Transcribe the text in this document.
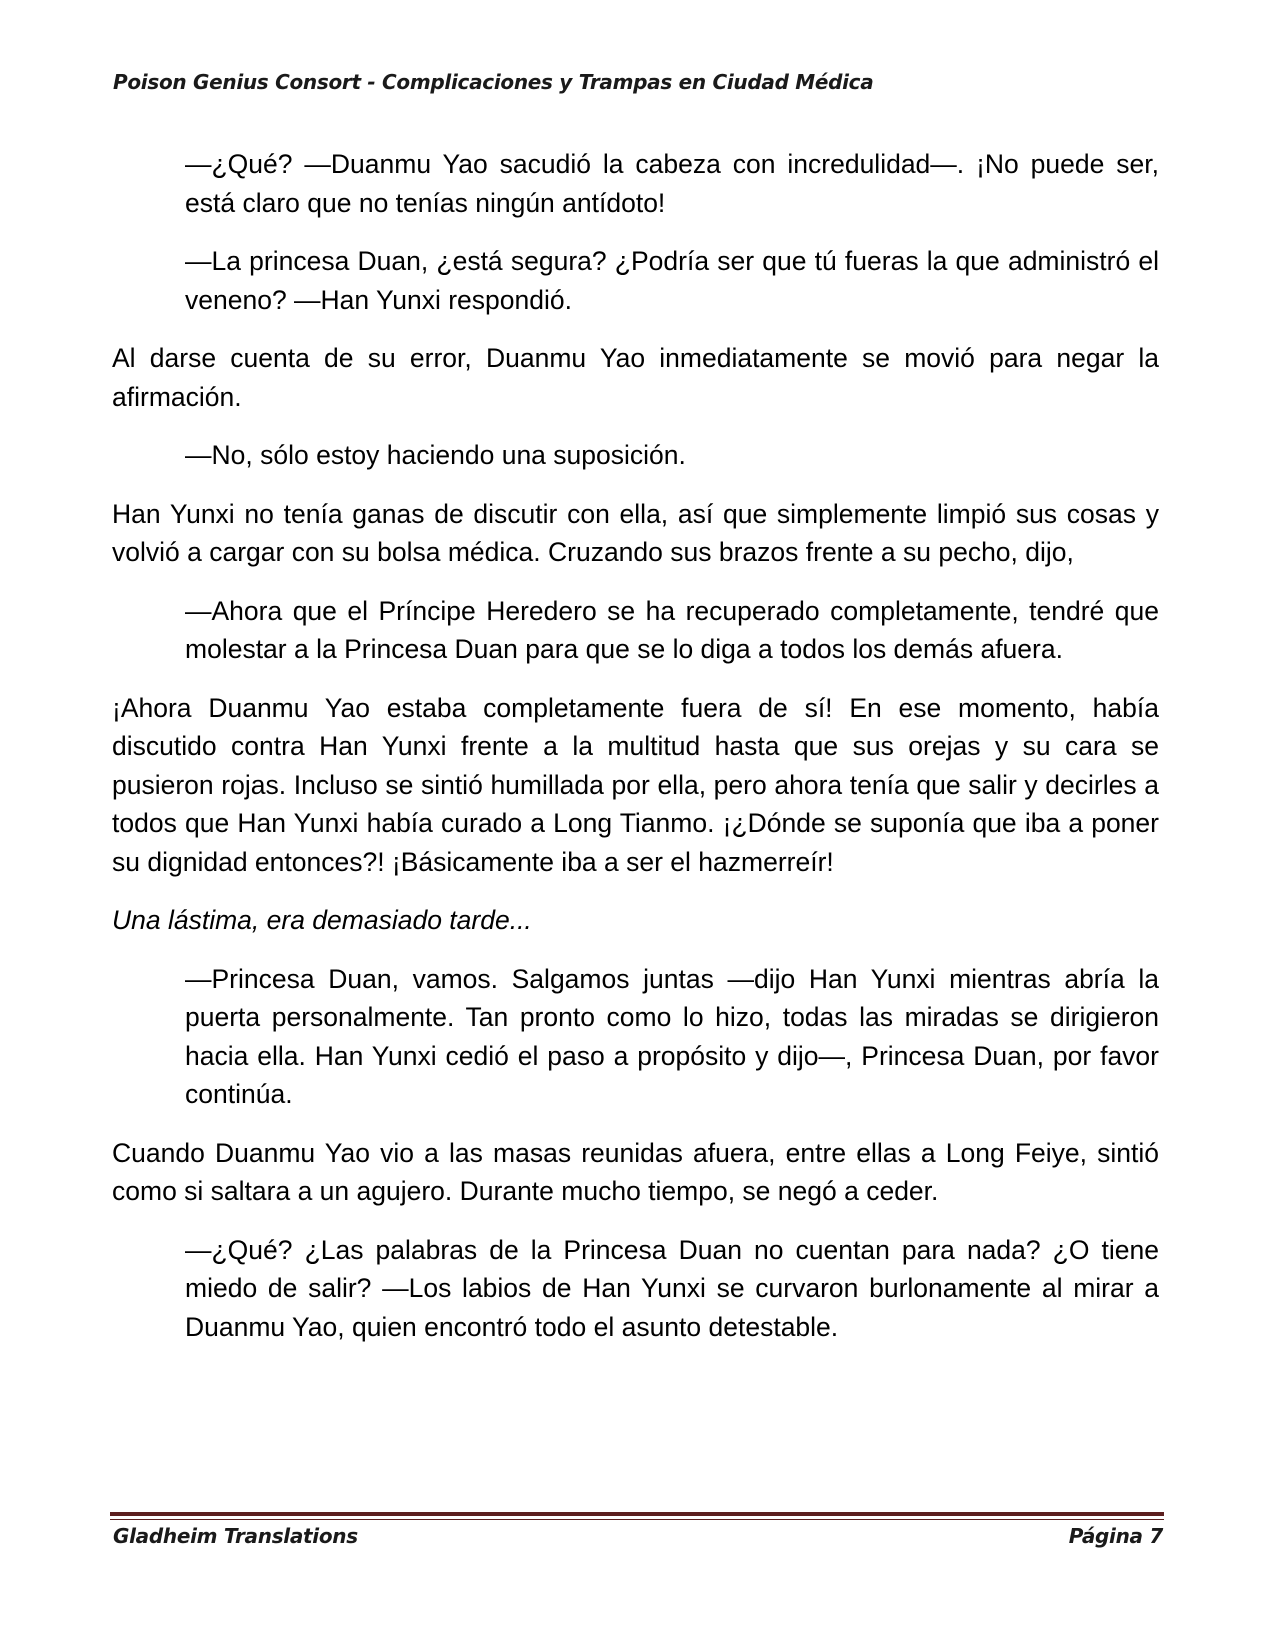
Poison Genius Consort - Complicaciones y Trampas en Ciudad Médica

—¿Qué? —Duanmu Yao sacudió la cabeza con incredulidad—. ¡No puede ser, está claro que no tenías ningún antídoto!

—La princesa Duan, ¿está segura? ¿Podría ser que tú fueras la que administró el veneno? —Han Yunxi respondió.

Al darse cuenta de su error, Duanmu Yao inmediatamente se movió para negar la afirmación.

—No, sólo estoy haciendo una suposición.

Han Yunxi no tenía ganas de discutir con ella, así que simplemente limpió sus cosas y volvió a cargar con su bolsa médica. Cruzando sus brazos frente a su pecho, dijo,

—Ahora que el Príncipe Heredero se ha recuperado completamente, tendré que molestar a la Princesa Duan para que se lo diga a todos los demás afuera.

¡Ahora Duanmu Yao estaba completamente fuera de sí! En ese momento, había discutido contra Han Yunxi frente a la multitud hasta que sus orejas y su cara se pusieron rojas. Incluso se sintió humillada por ella, pero ahora tenía que salir y decirles a todos que Han Yunxi había curado a Long Tianmo. ¡¿Dónde se suponía que iba a poner su dignidad entonces?! ¡Básicamente iba a ser el hazmerreír!

Una lástima, era demasiado tarde...

—Princesa Duan, vamos. Salgamos juntas —dijo Han Yunxi mientras abría la puerta personalmente. Tan pronto como lo hizo, todas las miradas se dirigieron hacia ella. Han Yunxi cedió el paso a propósito y dijo—, Princesa Duan, por favor continúa.

Cuando Duanmu Yao vio a las masas reunidas afuera, entre ellas a Long Feiye, sintió como si saltara a un agujero. Durante mucho tiempo, se negó a ceder.

—¿Qué? ¿Las palabras de la Princesa Duan no cuentan para nada? ¿O tiene miedo de salir? —Los labios de Han Yunxi se curvaron burlonamente al mirar a Duanmu Yao, quien encontró todo el asunto detestable.

Gladheim Translations	Página 7
